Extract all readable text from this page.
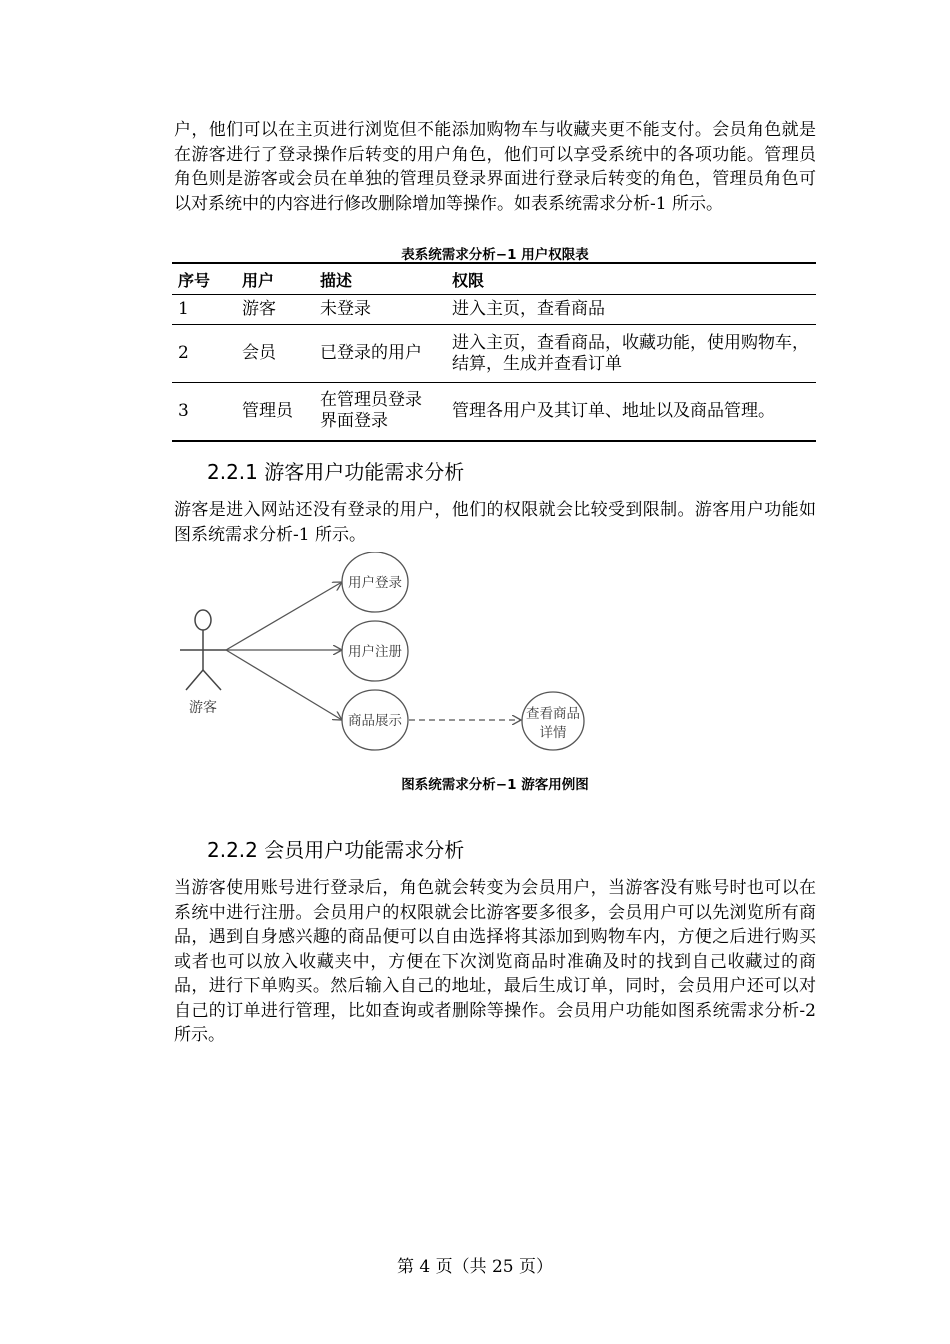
户，他们可以在主页进行浏览但不能添加购物车与收藏夹更不能支付。会员角色就是在游客进行了登录操作后转变的用户角色，他们可以享受系统中的各项功能。管理员角色则是游客或会员在单独的管理员登录界面进行登录后转变的角色，管理员角色可以对系统中的内容进行修改删除增加等操作。如表系统需求分析-1 所示。

表系统需求分析−1 用户权限表
序号	用户	描述	权限
1	游客	未登录	进入主页，查看商品
2	会员	已登录的用户	进入主页，查看商品，收藏功能，使用购物车，结算，生成并查看订单
3	管理员	在管理员登录界面登录	管理各用户及其订单、地址以及商品管理。
2.2.1 游客用户功能需求分析

游客是进入网站还没有登录的用户，他们的权限就会比较受到限制。游客用户功能如图系统需求分析-1 所示。

游客
用户登录
用户注册
商品展示	查看商品
详情
图系统需求分析−1 游客用例图
2.2.2 会员用户功能需求分析

当游客使用账号进行登录后，角色就会转变为会员用户，当游客没有账号时也可以在系统中进行注册。会员用户的权限就会比游客要多很多，会员用户可以先浏览所有商品，遇到自身感兴趣的商品便可以自由选择将其添加到购物车内，方便之后进行购买或者也可以放入收藏夹中，方便在下次浏览商品时准确及时的找到自己收藏过的商品，进行下单购买。然后输入自己的地址，最后生成订单，同时，会员用户还可以对自己的订单进行管理，比如查询或者删除等操作。会员用户功能如图系统需求分析-2 所示。

第 4 页（共 25 页）
